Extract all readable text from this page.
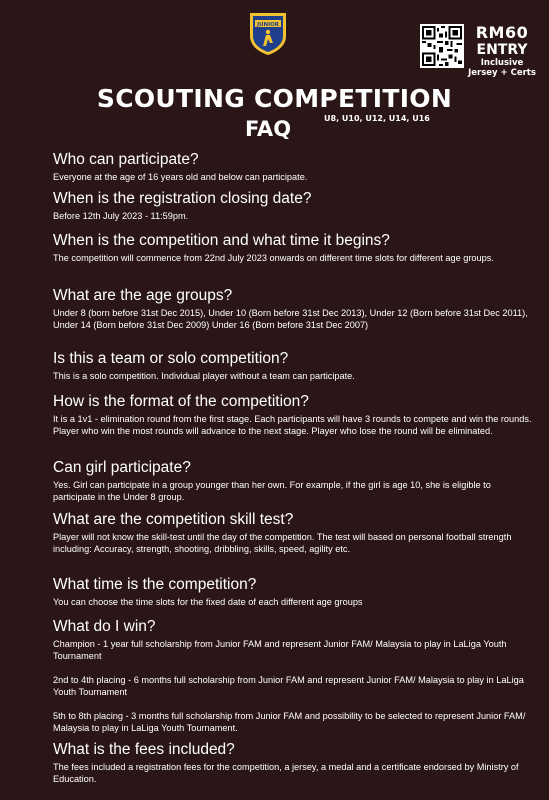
JUNIOR	RM60
ENTRY
Inclusive
Jersey + Certs
SCOUTING COMPETITION
FAQ	U8, U10, U12, U14, U16
Who can participate?
Everyone at the age of 16 years old and below can participate.
When is the registration closing date?
Before 12th July 2023 - 11:59pm.
When is the competition and what time it begins?
The competition will commence from 22nd July 2023 onwards on different time slots for different age groups.
What are the age groups?
Under 8 (born before 31st Dec 2015), Under 10 (Born before 31st Dec 2013), Under 12 (Born before 31st Dec 2011), Under 14 (Born before 31st Dec 2009) Under 16 (Born before 31st Dec 2007)
Is this a team or solo competition?
This is a solo competition. Individual player without a team can participate.
How is the format of the competition?
It is a 1v1 - elimination round from the first stage. Each participants will have 3 rounds to compete and win the rounds. Player who win the most rounds will advance to the next stage. Player who lose the round will be eliminated.
Can girl participate?
Yes. Girl can participate in a group younger than her own. For example, if the girl is age 10, she is eligible to participate in the Under 8 group.
What are the competition skill test?
Player will not know the skill-test until the day of the competition. The test will based on personal football strength including: Accuracy, strength, shooting, dribbling, skills, speed, agility etc.
What time is the competition?
You can choose the time slots for the fixed date of each different age groups
What do I win?
Champion - 1 year full scholarship from Junior FAM and represent Junior FAM/ Malaysia to play in LaLiga Youth Tournament
2nd to 4th placing - 6 months full scholarship from Junior FAM and represent Junior FAM/ Malaysia to play in LaLiga Youth Tournament
5th to 8th placing - 3 months full scholarship from Junior FAM and possibility to be selected to represent Junior FAM/ Malaysia to play in LaLiga Youth Tournament.
What is the fees included?
The fees included a registration fees for the competition, a jersey, a medal and a certificate endorsed by Ministry of Education.
